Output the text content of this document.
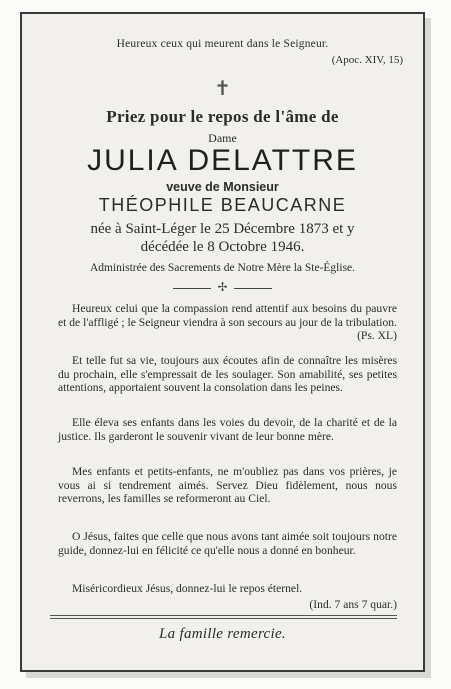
Heureux ceux qui meurent dans le Seigneur.
(Apoc. XIV, 15)
✝
Priez pour le repos de l'âme de
Dame
JULIA DELATTRE
veuve de Monsieur
THÉOPHILE BEAUCARNE
née à Saint-Léger le 25 Décembre 1873 et y
décédée le 8 Octobre 1946.
Administrée des Sacrements de Notre Mère la Ste-Église.
✢

Heureux celui que la compassion rend attentif aux besoins du pauvre et de l'affligé ; le Seigneur viendra à son secours au jour de la tribulation.

(Ps. XL)

Et telle fut sa vie, toujours aux écoutes afin de connaître les misères du prochain, elle s'empressait de les soulager. Son amabilité, ses petites attentions, apportaient souvent la consolation dans les peines.

Elle éleva ses enfants dans les voies du devoir, de la charité et de la justice. Ils garderont le souvenir vivant de leur bonne mère.

Mes enfants et petits-enfants, ne m'oubliez pas dans vos prières, je vous ai si tendrement aimés. Servez Dieu fidèlement, nous nous reverrons, les familles se reformeront au Ciel.

O Jésus, faites que celle que nous avons tant aimée soit toujours notre guide, donnez-lui en félicité ce qu'elle nous a donné en bonheur.

Miséricordieux Jésus, donnez-lui le repos éternel.

(Ind. 7 ans 7 quar.)
La famille remercie.
